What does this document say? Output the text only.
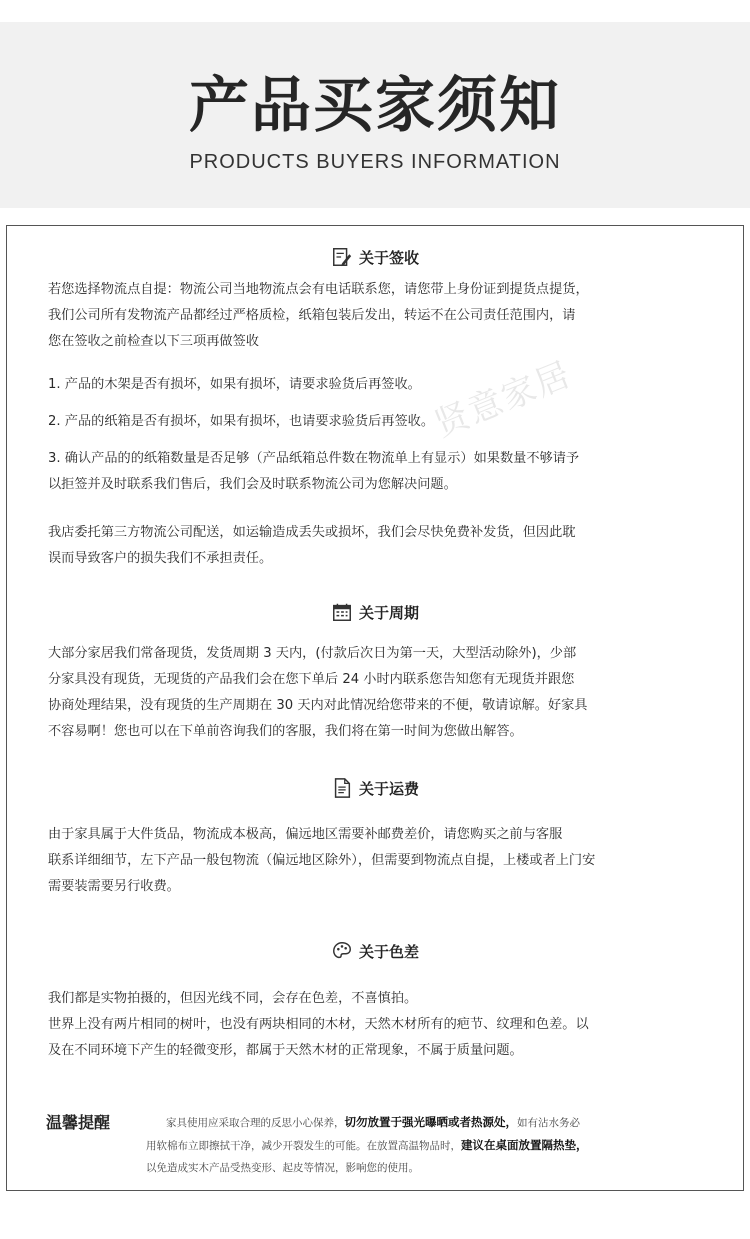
产品买家须知
PRODUCTS BUYERS INFORMATION
贤意家居
关于签收
若您选择物流点自提：物流公司当地物流点会有电话联系您，请您带上身份证到提货点提货，
我们公司所有发物流产品都经过严格质检，纸箱包装后发出，转运不在公司责任范围内，请
您在签收之前检查以下三项再做签收
1. 产品的木架是否有损坏，如果有损坏，请要求验货后再签收。
2. 产品的纸箱是否有损坏，如果有损坏，也请要求验货后再签收。
3. 确认产品的的纸箱数量是否足够（产品纸箱总件数在物流单上有显示）如果数量不够请予
以拒签并及时联系我们售后，我们会及时联系物流公司为您解决问题。
我店委托第三方物流公司配送，如运输造成丢失或损坏，我们会尽快免费补发货，但因此耽
误而导致客户的损失我们不承担责任。
关于周期
大部分家居我们常备现货，发货周期 3 天内，(付款后次日为第一天，大型活动除外)，少部
分家具没有现货，无现货的产品我们会在您下单后 24 小时内联系您告知您有无现货并跟您
协商处理结果，没有现货的生产周期在 30 天内对此情况给您带来的不便，敬请谅解。好家具
不容易啊！您也可以在下单前咨询我们的客服，我们将在第一时间为您做出解答。
关于运费
由于家具属于大件货品，物流成本极高，偏远地区需要补邮费差价，请您购买之前与客服
联系详细细节，左下产品一般包物流（偏远地区除外），但需要到物流点自提，上楼或者上门安
需要装需要另行收费。
关于色差
我们都是实物拍摄的，但因光线不同，会存在色差，不喜慎拍。
世界上没有两片相同的树叶，也没有两块相同的木材，天然木材所有的疤节、纹理和色差。以
及在不同环境下产生的轻微变形，都属于天然木材的正常现象，不属于质量问题。
温馨提醒	家具使用应采取合理的反思小心保养，切勿放置于强光曝晒或者热源处，如有沾水务必
用软棉布立即擦拭干净，减少开裂发生的可能。在放置高温物品时，建议在桌面放置隔热垫，
以免造成实木产品受热变形、起皮等情况，影响您的使用。
